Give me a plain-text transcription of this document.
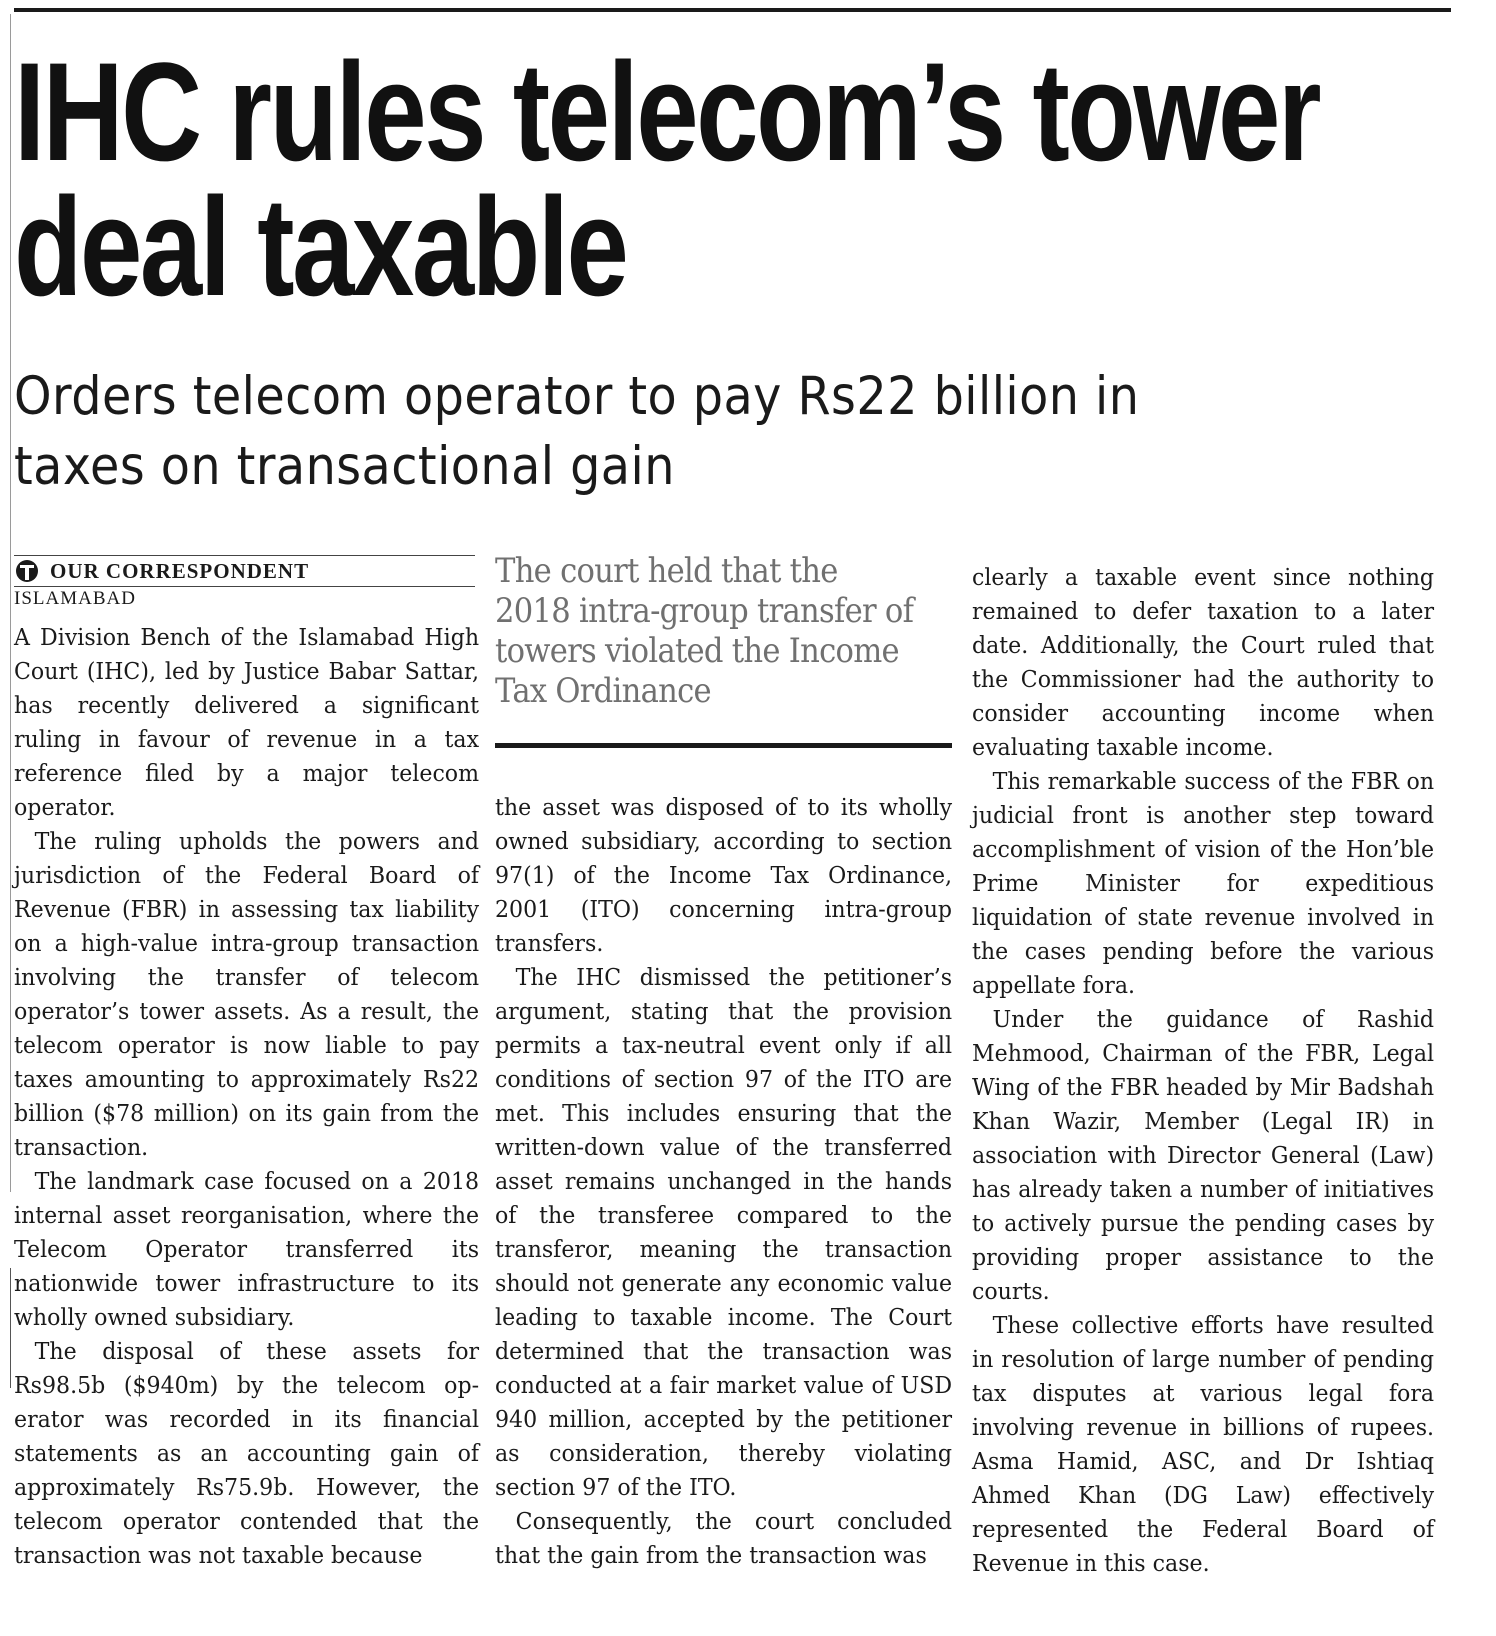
IHC rules telecom’s tower
deal taxable
Orders telecom operator to pay Rs22 billion in
taxes on transactional gain
OUR CORRESPONDENT
ISLAMABAD

A Division Bench of the Islamabad High Court (IHC), led by Justice Babar Sattar, has recently delivered a significant ruling in favour of revenue in a tax reference filed by a major telecom operator.

The ruling upholds the powers and jurisdiction of the Federal Board of Revenue (FBR) in assessing tax liability on a high-value intra-group transaction involving the transfer of telecom operator’s tower assets. As a result, the telecom operator is now liable to pay taxes amounting to approximately Rs22 billion ($78 million) on its gain from the transaction.

The landmark case focused on a 2018 internal asset reorganisation, where the Telecom Operator transferred its nationwide tower infrastructure to its wholly owned subsidiary.

The disposal of these assets for Rs98.5b ($940m) by the telecom operator was recorded in its financial statements as an accounting gain of approximately Rs75.9b. However, the telecom operator contended that the transaction was not taxable because

The court held that the 2018 intra-group transfer of towers violated the Income Tax Ordinance

the asset was disposed of to its wholly owned subsidiary, according to section 97(1) of the Income Tax Ordinance, 2001 (ITO) concerning intra-group transfers.

The IHC dismissed the petitioner’s argument, stating that the provision permits a tax-neutral event only if all conditions of section 97 of the ITO are met. This includes ensuring that the written-down value of the transferred asset remains unchanged in the hands of the transferee compared to the transferor, meaning the transaction should not generate any economic value leading to taxable income. The Court determined that the transaction was conducted at a fair market value of USD 940 million, accepted by the petitioner as consideration, thereby violating section 97 of the ITO.

Consequently, the court concluded that the gain from the transaction was

clearly a taxable event since nothing remained to defer taxation to a later date. Additionally, the Court ruled that the Commissioner had the authority to consider accounting income when evaluating taxable income.

This remarkable success of the FBR on judicial front is another step toward accomplishment of vision of the Hon’ble Prime Minister for expeditious liquidation of state revenue involved in the cases pending before the various appellate fora.

Under the guidance of Rashid Mehmood, Chairman of the FBR, Legal Wing of the FBR headed by Mir Badshah Khan Wazir, Member (Legal IR) in association with Director General (Law) has already taken a number of initiatives to actively pursue the pending cases by providing proper assistance to the courts.

These collective efforts have resulted in resolution of large number of pending tax disputes at various legal fora involving revenue in billions of rupees. Asma Hamid, ASC, and Dr Ishtiaq Ahmed Khan (DG Law) effectively represented the Federal Board of Revenue in this case.
